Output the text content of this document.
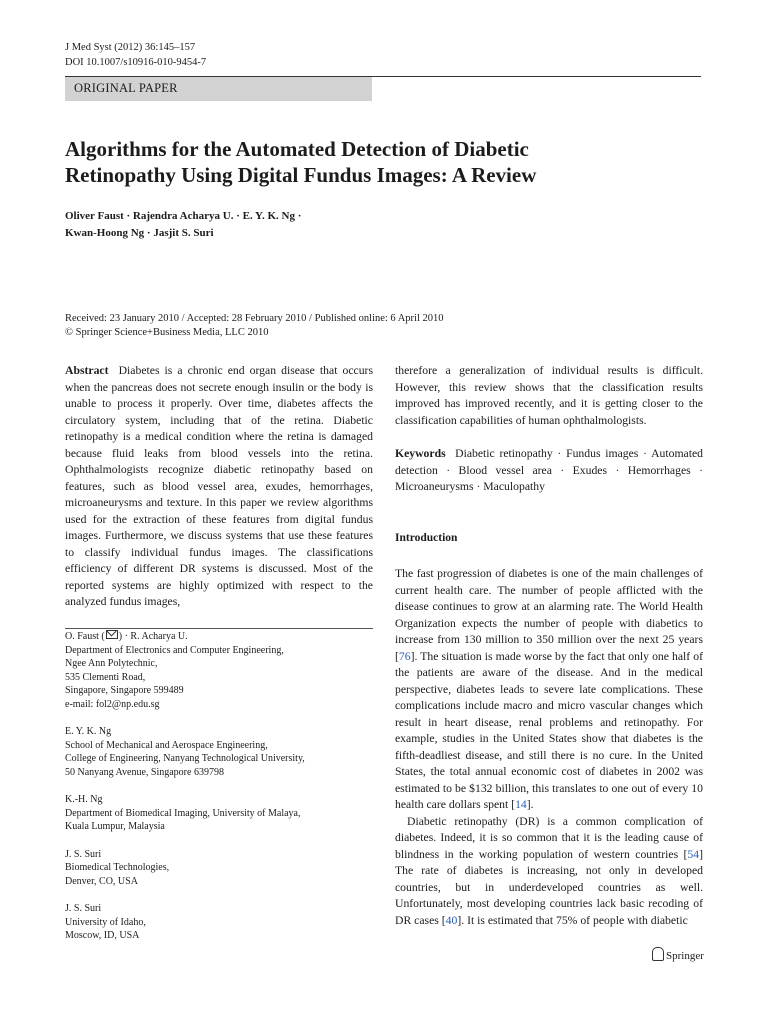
J Med Syst (2012) 36:145–157
DOI 10.1007/s10916-010-9454-7
ORIGINAL PAPER
Algorithms for the Automated Detection of Diabetic
Retinopathy Using Digital Fundus Images: A Review
Oliver Faust · Rajendra Acharya U. · E. Y. K. Ng ·
Kwan-Hoong Ng · Jasjit S. Suri
Received: 23 January 2010 / Accepted: 28 February 2010 / Published online: 6 April 2010
© Springer Science+Business Media, LLC 2010

Abstract Diabetes is a chronic end organ disease that occurs when the pancreas does not secrete enough insulin or the body is unable to process it properly. Over time, diabetes affects the circulatory system, including that of the retina. Diabetic retinopathy is a medical condition where the retina is damaged because fluid leaks from blood vessels into the retina. Ophthalmologists recognize diabetic retinopathy based on features, such as blood vessel area, exudes, hemorrhages, microaneurysms and texture. In this paper we review algorithms used for the extraction of these features from digital fundus images. Furthermore, we discuss systems that use these features to classify individual fundus images. The classifications efficiency of different DR systems is discussed. Most of the reported systems are highly optimized with respect to the analyzed fundus images,

O. Faust ( ) · R. Acharya U.
Department of Electronics and Computer Engineering,
Ngee Ann Polytechnic,
535 Clementi Road,
Singapore, Singapore 599489
e-mail: fol2@np.edu.sg
E. Y. K. Ng
School of Mechanical and Aerospace Engineering,
College of Engineering, Nanyang Technological University,
50 Nanyang Avenue, Singapore 639798
K.-H. Ng
Department of Biomedical Imaging, University of Malaya,
Kuala Lumpur, Malaysia
J. S. Suri
Biomedical Technologies,
Denver, CO, USA
J. S. Suri
University of Idaho,
Moscow, ID, USA

therefore a generalization of individual results is difficult. However, this review shows that the classification results improved has improved recently, and it is getting closer to the classification capabilities of human ophthalmologists.

Keywords Diabetic retinopathy · Fundus images · Automated detection · Blood vessel area · Exudes · Hemorrhages · Microaneurysms · Maculopathy

Introduction

The fast progression of diabetes is one of the main challenges of current health care. The number of people afflicted with the disease continues to grow at an alarming rate. The World Health Organization expects the number of people with diabetics to increase from 130 million to 350 million over the next 25 years [76]. The situation is made worse by the fact that only one half of the patients are aware of the disease. And in the medical perspective, diabetes leads to severe late complications. These complications include macro and micro vascular changes which result in heart disease, renal problems and retinopathy. For example, studies in the United States show that diabetes is the fifth-deadliest disease, and still there is no cure. In the United States, the total annual economic cost of diabetes in 2002 was estimated to be $132 billion, this translates to one out of every 10 health care dollars spent [14].

Diabetic retinopathy (DR) is a common complication of diabetes. Indeed, it is so common that it is the leading cause of blindness in the working population of western countries [54] The rate of diabetes is increasing, not only in developed countries, but in underdeveloped countries as well. Unfortunately, most developing countries lack basic recoding of DR cases [40]. It is estimated that 75% of people with diabetic

Springer
